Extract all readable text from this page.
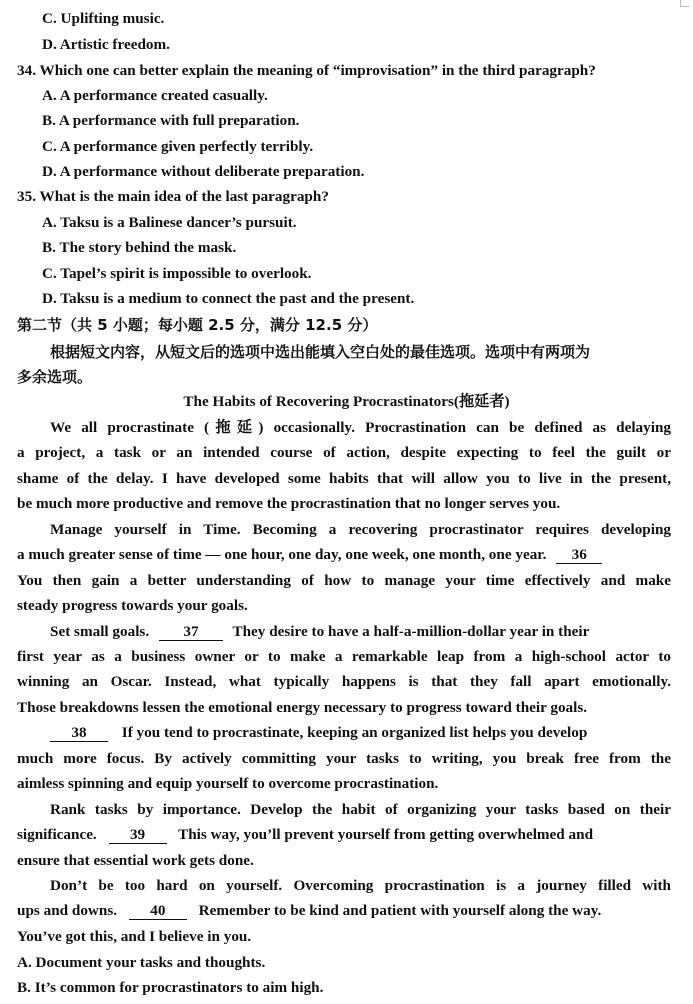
C. Uplifting music.
D. Artistic freedom.
34. Which one can better explain the meaning of “improvisation” in the third paragraph?
A. A performance created casually.
B. A performance with full preparation.
C. A performance given perfectly terribly.
D. A performance without deliberate preparation.
35. What is the main idea of the last paragraph?
A. Taksu is a Balinese dancer’s pursuit.
B. The story behind the mask.
C. Tapel’s spirit is impossible to overlook.
D. Taksu is a medium to connect the past and the present.
第二节（共 5 小题；每小题 2.5 分，满分 12.5 分）
根据短文内容，从短文后的选项中选出能填入空白处的最佳选项。选项中有两项为
多余选项。
The Habits of Recovering Procrastinators(拖延者)
We all procrastinate (拖延) occasionally. Procrastination can be defined as delaying
a project, a task or an intended course of action, despite expecting to feel the guilt or
shame of the delay. I have developed some habits that will allow you to live in the present,
be much more productive and remove the procrastination that no longer serves you.
Manage yourself in Time. Becoming a recovering procrastinator requires developing
a much greater sense of time — one hour, one day, one week, one month, one year. 36
You then gain a better understanding of how to manage your time effectively and make
steady progress towards your goals.
Set small goals. 37 They desire to have a half-a-million-dollar year in their
first year as a business owner or to make a remarkable leap from a high-school actor to
winning an Oscar. Instead, what typically happens is that they fall apart emotionally.
Those breakdowns lessen the emotional energy necessary to progress toward their goals.
38 If you tend to procrastinate, keeping an organized list helps you develop
much more focus. By actively committing your tasks to writing, you break free from the
aimless spinning and equip yourself to overcome procrastination.
Rank tasks by importance. Develop the habit of organizing your tasks based on their
significance. 39 This way, you’ll prevent yourself from getting overwhelmed and
ensure that essential work gets done.
Don’t be too hard on yourself. Overcoming procrastination is a journey filled with
ups and downs. 40 Remember to be kind and patient with yourself along the way.
You’ve got this, and I believe in you.
A. Document your tasks and thoughts.
B. It’s common for procrastinators to aim high.
